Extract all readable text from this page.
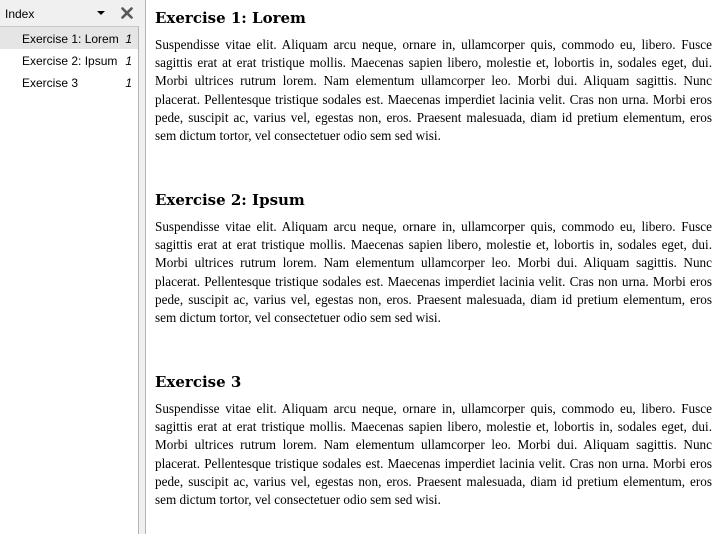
Index
Exercise 1: Lorem 1
Exercise 2: Ipsum 1
Exercise 3	1
Exercise 1: Lorem

Suspendisse vitae elit. Aliquam arcu neque, ornare in, ullamcorper quis, commodo eu, libero. Fusce sagittis erat at erat tristique mollis. Maecenas sapien libero, molestie et, lobortis in, sodales eget, dui. Morbi ultrices rutrum lorem. Nam elementum ullamcorper leo. Morbi dui. Aliquam sagittis. Nunc placerat. Pellentesque tristique sodales est. Maecenas imperdiet lacinia velit. Cras non urna. Morbi eros pede, suscipit ac, varius vel, egestas non, eros. Praesent malesuada, diam id pretium elementum, eros sem dictum tortor, vel consectetuer odio sem sed wisi.

Exercise 2: Ipsum

Suspendisse vitae elit. Aliquam arcu neque, ornare in, ullamcorper quis, commodo eu, libero. Fusce sagittis erat at erat tristique mollis. Maecenas sapien libero, molestie et, lobortis in, sodales eget, dui. Morbi ultrices rutrum lorem. Nam elementum ullamcorper leo. Morbi dui. Aliquam sagittis. Nunc placerat. Pellentesque tristique sodales est. Maecenas imperdiet lacinia velit. Cras non urna. Morbi eros pede, suscipit ac, varius vel, egestas non, eros. Praesent malesuada, diam id pretium elementum, eros sem dictum tortor, vel consectetuer odio sem sed wisi.

Exercise 3

Suspendisse vitae elit. Aliquam arcu neque, ornare in, ullamcorper quis, commodo eu, libero. Fusce sagittis erat at erat tristique mollis. Maecenas sapien libero, molestie et, lobortis in, sodales eget, dui. Morbi ultrices rutrum lorem. Nam elementum ullamcorper leo. Morbi dui. Aliquam sagittis. Nunc placerat. Pellentesque tristique sodales est. Maecenas imperdiet lacinia velit. Cras non urna. Morbi eros pede, suscipit ac, varius vel, egestas non, eros. Praesent malesuada, diam id pretium elementum, eros sem dictum tortor, vel consectetuer odio sem sed wisi.
